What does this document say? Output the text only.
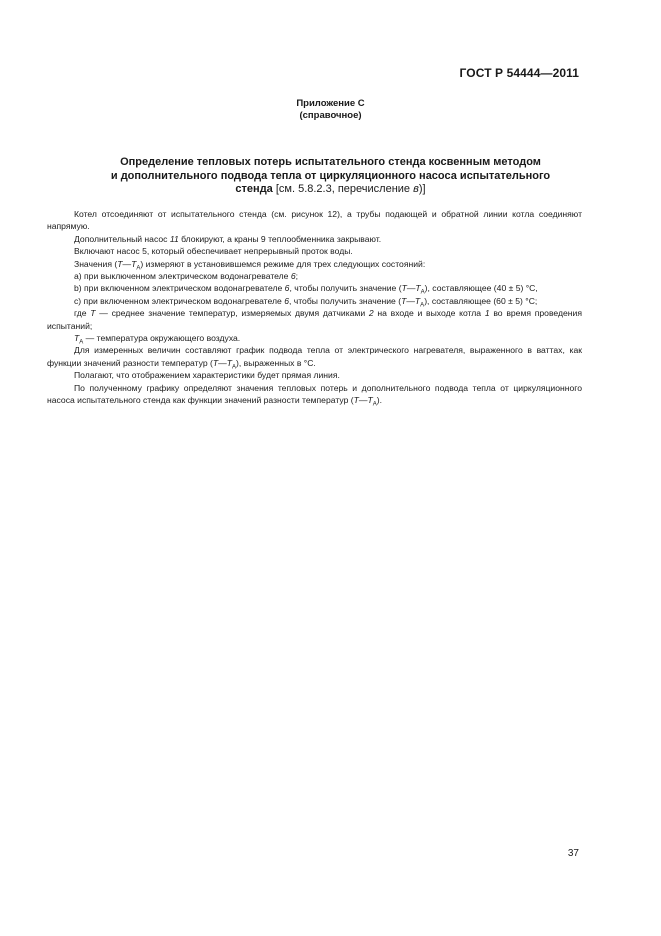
ГОСТ Р 54444—2011
Приложение С
(справочное)
Определение тепловых потерь испытательного стенда косвенным методом
и дополнительного подвода тепла от циркуляционного насоса испытательного
стенда [см. 5.8.2.3, перечисление в)]

Котел отсоединяют от испытательного стенда (см. рисунок 12), а трубы подающей и обратной линии котла соединяют напрямую.

Дополнительный насос 11 блокируют, а краны 9 теплообменника закрывают.

Включают насос 5, который обеспечивает непрерывный проток воды.

Значения $(T—T_A)$ измеряют в установившемся режиме для трех следующих состояний:

а) при выключенном электрическом водонагревателе 6;

b) при включенном электрическом водонагревателе 6, чтобы получить значение $(T—T_A)$, составляющее (40 ± 5) °С,

с) при включенном электрическом водонагревателе 6, чтобы получить значение $(T—T_A)$, составляющее (60 ± 5) °С;

где T — среднее значение температур, измеряемых двумя датчиками 2 на входе и выходе котла 1 во время проведения испытаний;

$T_A$ — температура окружающего воздуха.

Для измеренных величин составляют график подвода тепла от электрического нагревателя, выраженного в ваттах, как функции значений разности температур $(T—T_A)$, выраженных в °С.

Полагают, что отображением характеристики будет прямая линия.

По полученному графику определяют значения тепловых потерь и дополнительного подвода тепла от циркуляционного насоса испытательного стенда как функции значений разности температур $(T—T_A)$.

37
